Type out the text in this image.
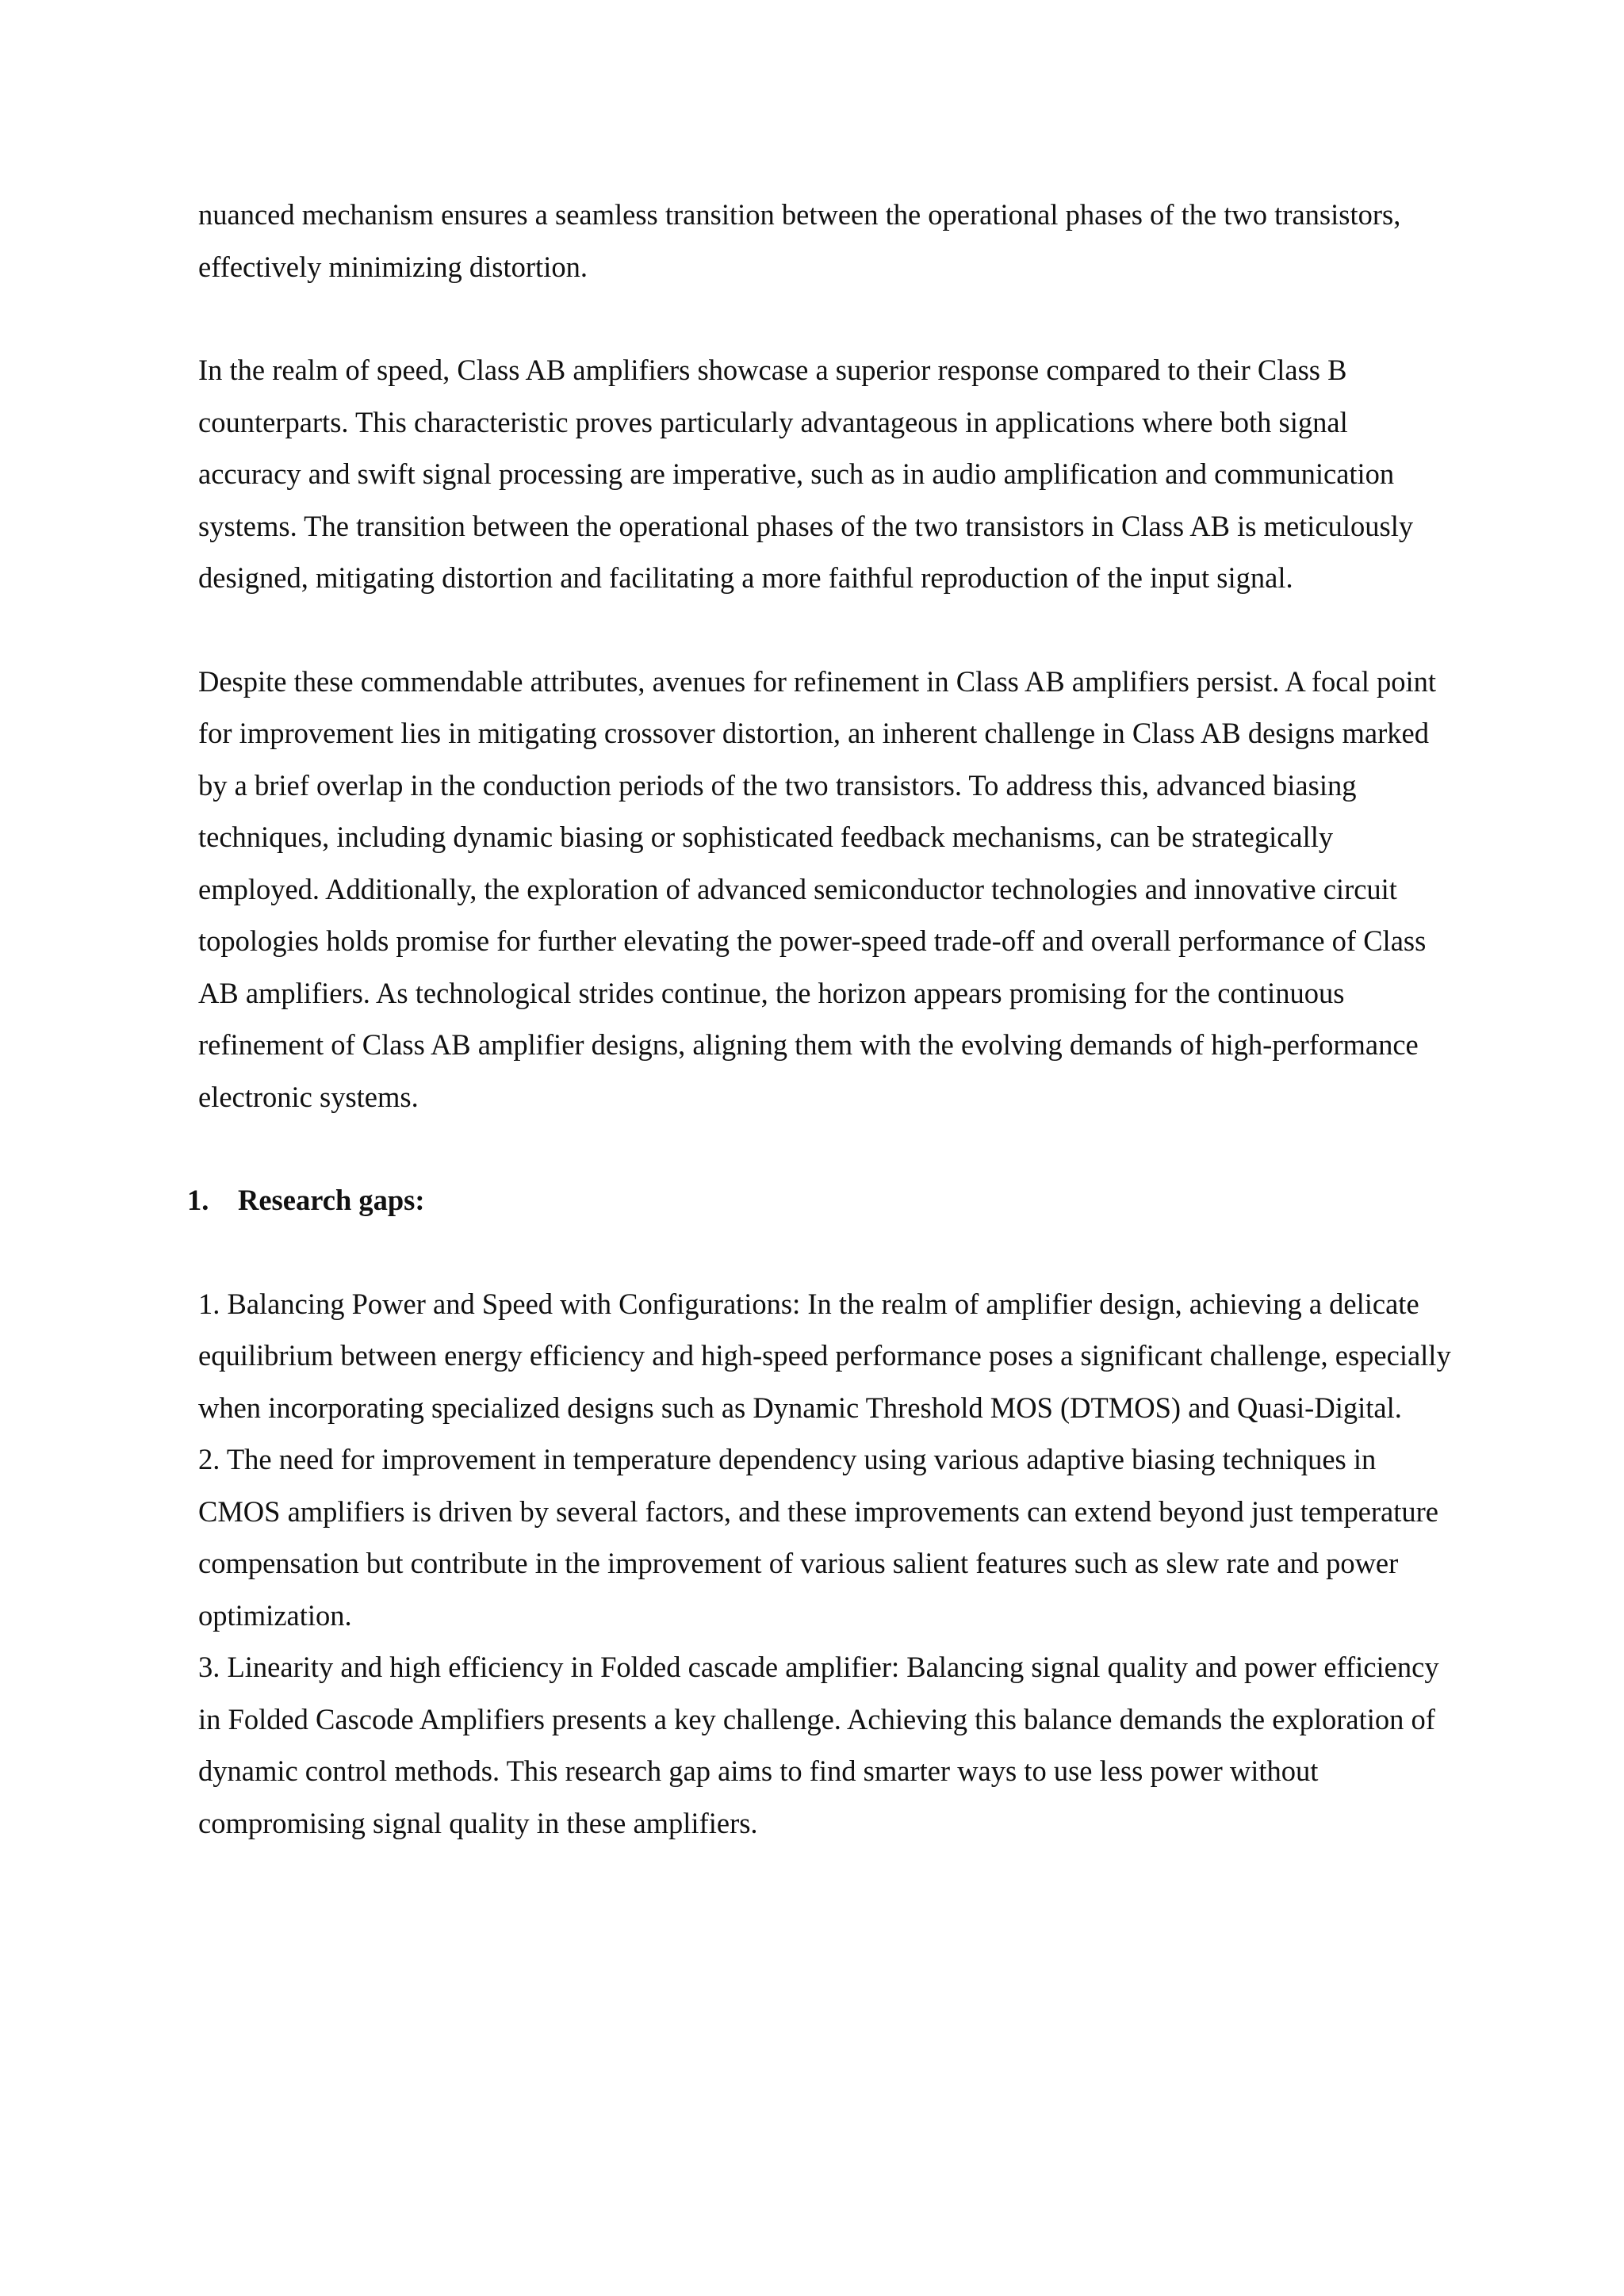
nuanced mechanism ensures a seamless transition between the operational phases of the two transistors, effectively minimizing distortion.

In the realm of speed, Class AB amplifiers showcase a superior response compared to their Class B counterparts. This characteristic proves particularly advantageous in applications where both signal accuracy and swift signal processing are imperative, such as in audio amplification and communication systems. The transition between the operational phases of the two transistors in Class AB is meticulously designed, mitigating distortion and facilitating a more faithful reproduction of the input signal.

Despite these commendable attributes, avenues for refinement in Class AB amplifiers persist. A focal point for improvement lies in mitigating crossover distortion, an inherent challenge in Class AB designs marked by a brief overlap in the conduction periods of the two transistors. To address this, advanced biasing techniques, including dynamic biasing or sophisticated feedback mechanisms, can be strategically employed. Additionally, the exploration of advanced semiconductor technologies and innovative circuit topologies holds promise for further elevating the power-speed trade-off and overall performance of Class AB amplifiers. As technological strides continue, the horizon appears promising for the continuous refinement of Class AB amplifier designs, aligning them with the evolving demands of high-performance electronic systems.

1. Research gaps:

1. Balancing Power and Speed with Configurations: In the realm of amplifier design, achieving a delicate equilibrium between energy efficiency and high-speed performance poses a significant challenge, especially when incorporating specialized designs such as Dynamic Threshold MOS (DTMOS) and Quasi-Digital.

2. The need for improvement in temperature dependency using various adaptive biasing techniques in CMOS amplifiers is driven by several factors, and these improvements can extend beyond just temperature compensation but contribute in the improvement of various salient features such as slew rate and power optimization.

3. Linearity and high efficiency in Folded cascade amplifier: Balancing signal quality and power efficiency in Folded Cascode Amplifiers presents a key challenge. Achieving this balance demands the exploration of dynamic control methods. This research gap aims to find smarter ways to use less power without compromising signal quality in these amplifiers.
